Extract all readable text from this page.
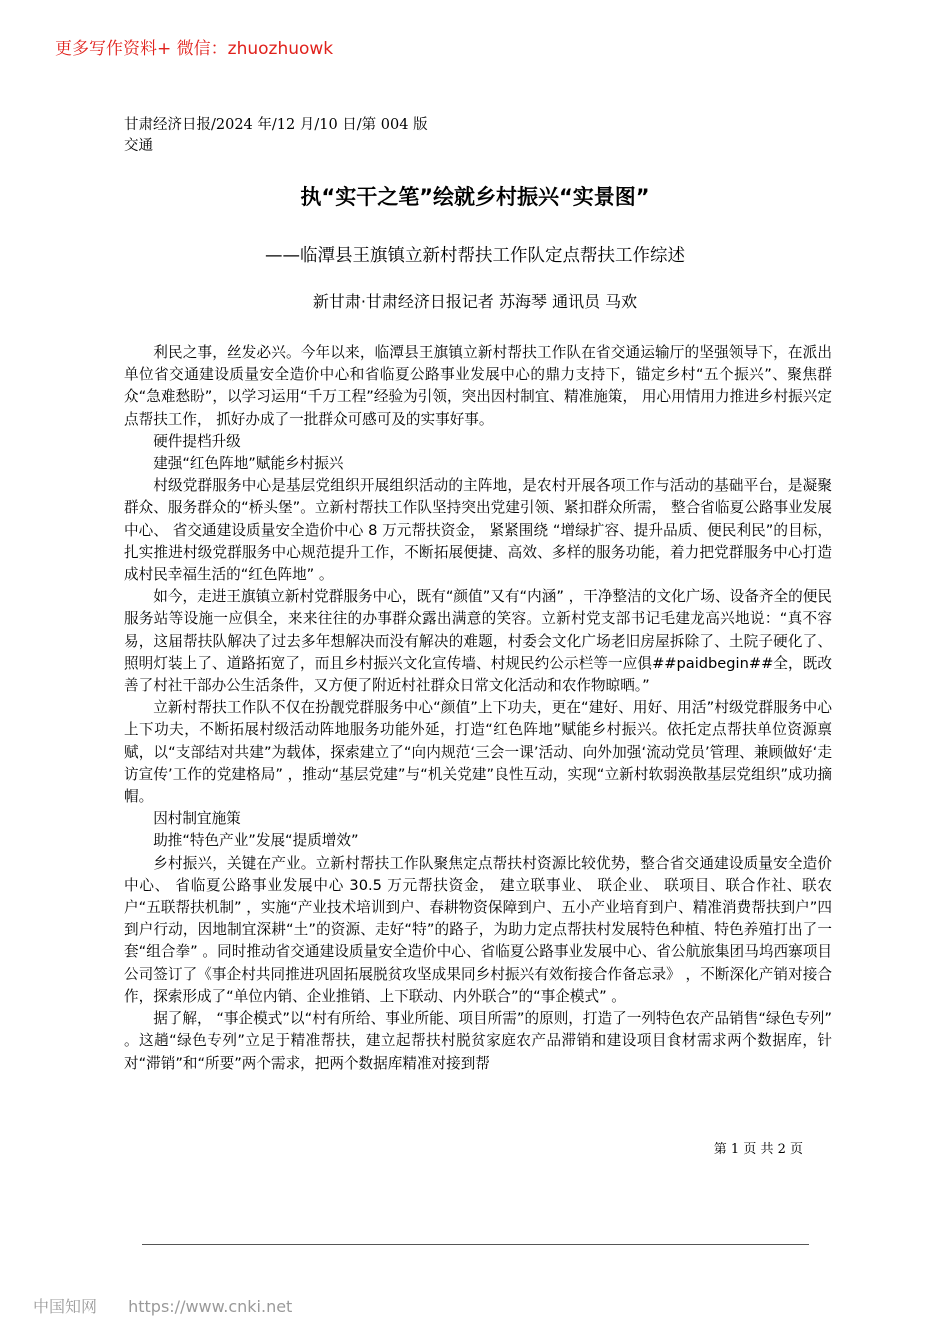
更多写作资料+ 微信：zhuozhuowk
甘肃经济日报/2024 年/12 月/10 日/第 004 版交通
执“实干之笔”绘就乡村振兴“实景图”
——临潭县王旗镇立新村帮扶工作队定点帮扶工作综述
新甘肃·甘肃经济日报记者 苏海琴 通讯员 马欢

利民之事，丝发必兴。今年以来，临潭县王旗镇立新村帮扶工作队在省交通运输厅的坚强领导下，在派出单位省交通建设质量安全造价中心和省临夏公路事业发展中心的鼎力支持下，锚定乡村“五个振兴”、聚焦群众“急难愁盼”，以学习运用“千万工程”经验为引领，突出因村制宜、精准施策， 用心用情用力推进乡村振兴定点帮扶工作， 抓好办成了一批群众可感可及的实事好事。

硬件提档升级

建强“红色阵地”赋能乡村振兴

村级党群服务中心是基层党组织开展组织活动的主阵地，是农村开展各项工作与活动的基础平台，是凝聚群众、服务群众的“桥头堡”。立新村帮扶工作队坚持突出党建引领、紧扣群众所需， 整合省临夏公路事业发展中心、 省交通建设质量安全造价中心 8 万元帮扶资金， 紧紧围绕 “增绿扩容、提升品质、便民利民”的目标，扎实推进村级党群服务中心规范提升工作，不断拓展便捷、高效、多样的服务功能，着力把党群服务中心打造成村民幸福生活的“红色阵地” 。

如今，走进王旗镇立新村党群服务中心，既有“颜值”又有“内涵” ，干净整洁的文化广场、设备齐全的便民服务站等设施一应俱全，来来往往的办事群众露出满意的笑容。立新村党支部书记毛建龙高兴地说：“真不容易，这届帮扶队解决了过去多年想解决而没有解决的难题，村委会文化广场老旧房屋拆除了、土院子硬化了、照明灯装上了、道路拓宽了，而且乡村振兴文化宣传墙、村规民约公示栏等一应俱##paidbegin##全，既改善了村社干部办公生活条件，又方便了附近村社群众日常文化活动和农作物晾晒。”

立新村帮扶工作队不仅在扮靓党群服务中心“颜值”上下功夫，更在“建好、用好、用活”村级党群服务中心上下功夫，不断拓展村级活动阵地服务功能外延，打造“红色阵地”赋能乡村振兴。依托定点帮扶单位资源禀赋，以“支部结对共建”为载体，探索建立了“向内规范‘三会一课’活动、向外加强‘流动党员’管理、兼顾做好‘走访宣传’工作的党建格局” ，推动“基层党建”与“机关党建”良性互动，实现“立新村软弱涣散基层党组织”成功摘帽。

因村制宜施策

助推“特色产业”发展“提质增效”

乡村振兴，关键在产业。立新村帮扶工作队聚焦定点帮扶村资源比较优势，整合省交通建设质量安全造价中心、 省临夏公路事业发展中心 30.5 万元帮扶资金， 建立联事业、 联企业、 联项目、联合作社、联农户“五联帮扶机制” ，实施“产业技术培训到户、春耕物资保障到户、五小产业培育到户、精准消费帮扶到户”四到户行动，因地制宜深耕“土”的资源、走好“特”的路子，为助力定点帮扶村发展特色种植、特色养殖打出了一套“组合拳” 。同时推动省交通建设质量安全造价中心、省临夏公路事业发展中心、省公航旅集团马坞西寨项目公司签订了《事企村共同推进巩固拓展脱贫攻坚成果同乡村振兴有效衔接合作备忘录》 ，不断深化产销对接合作，探索形成了“单位内销、企业推销、上下联动、内外联合”的“事企模式” 。

据了解， “事企模式”以“村有所给、事业所能、项目所需”的原则，打造了一列特色农产品销售“绿色专列” 。这趟“绿色专列”立足于精准帮扶，建立起帮扶村脱贫家庭农产品滞销和建设项目食材需求两个数据库，针对“滞销”和“所要”两个需求，把两个数据库精准对接到帮

第 1 页 共 2 页
中国知网 https://www.cnki.net
